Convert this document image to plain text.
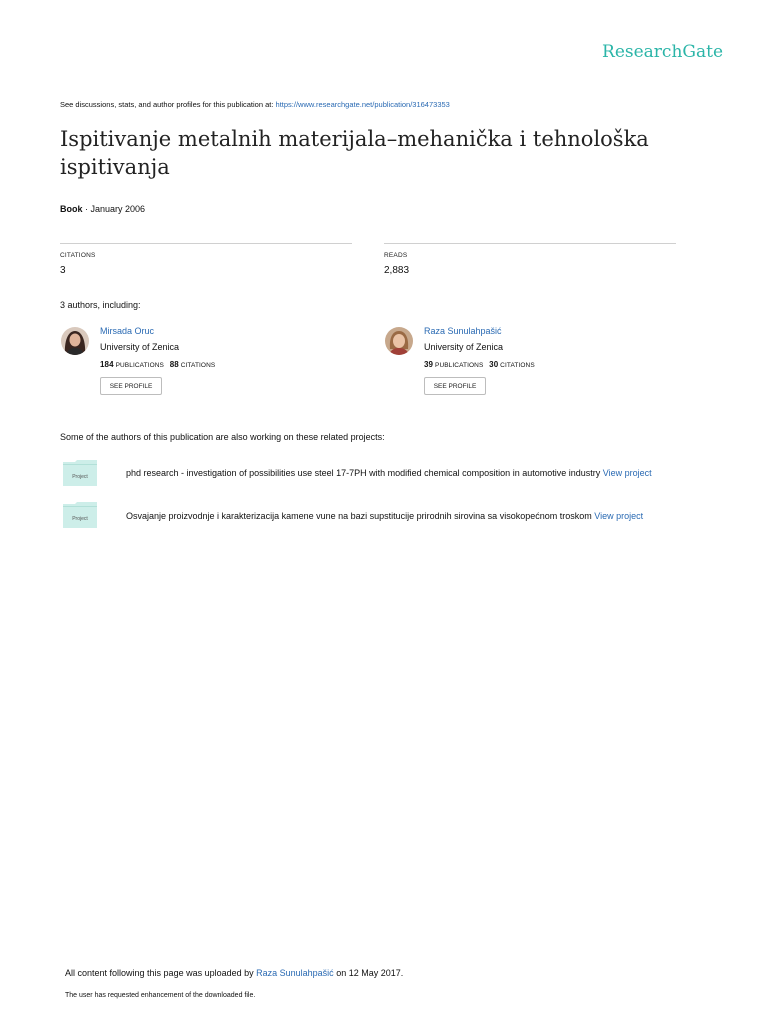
ResearchGate
See discussions, stats, and author profiles for this publication at: https://www.researchgate.net/publication/316473353
Ispitivanje metalnih materijala–mehanička i tehnološka ispitivanja
Book · January 2006
CITATIONS
3
READS
2,883
3 authors, including:
Mirsada Oruc
University of Zenica
184 PUBLICATIONS 88 CITATIONS
SEE PROFILE
Raza Sunulahpašić
University of Zenica
39 PUBLICATIONS 30 CITATIONS
SEE PROFILE
Some of the authors of this publication are also working on these related projects:
Project	phd research - investigation of possibilities use steel 17-7PH with modified chemical composition in automotive industry View project
Project	Osvajanje proizvodnje i karakterizacija kamene vune na bazi supstitucije prirodnih sirovina sa visokopećnom troskom View project
All content following this page was uploaded by Raza Sunulahpašić on 12 May 2017.
The user has requested enhancement of the downloaded file.
